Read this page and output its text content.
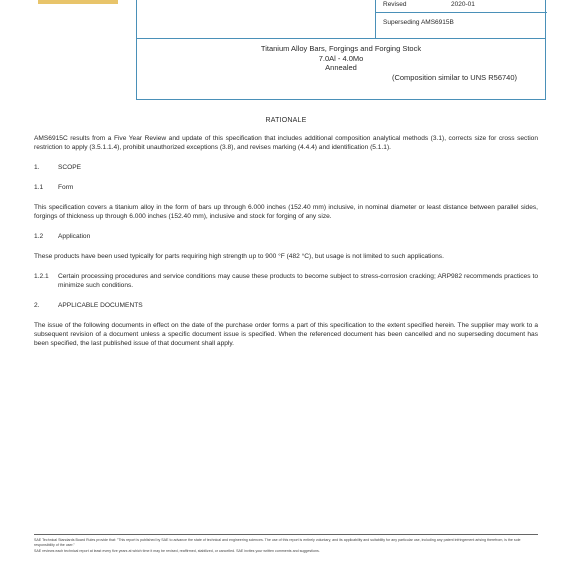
Revised	2020-01
Superseding AMS6915B
Titanium Alloy Bars, Forgings and Forging Stock
7.0Al - 4.0Mo
Annealed
(Composition similar to UNS R56740)
RATIONALE

AMS6915C results from a Five Year Review and update of this specification that includes additional composition analytical methods (3.1), corrects size for cross section restriction to apply (3.5.1.1.4), prohibit unauthorized exceptions (3.8), and revises marking (4.4.4) and identification (5.1.1).

1.	SCOPE
1.1 Form

This specification covers a titanium alloy in the form of bars up through 6.000 inches (152.40 mm) inclusive, in nominal diameter or least distance between parallel sides, forgings of thickness up through 6.000 inches (152.40 mm), inclusive and stock for forging of any size.

1.2 Application

These products have been used typically for parts requiring high strength up to 900 °F (482 °C), but usage is not limited to such applications.

1.2.1	Certain processing procedures and service conditions may cause these products to become subject to stress-corrosion cracking; ARP982 recommends practices to minimize such conditions.
2.	APPLICABLE DOCUMENTS

The issue of the following documents in effect on the date of the purchase order forms a part of this specification to the extent specified herein. The supplier may work to a subsequent revision of a document unless a specific document issue is specified. When the referenced document has been cancelled and no superseding document has been specified, the last published issue of that document shall apply.

SAE Technical Standards Board Rules provide that: "This report is published by SAE to advance the state of technical and engineering sciences. The use of this report is entirely voluntary, and its applicability and suitability for any particular use, including any patent infringement arising therefrom, is the sole responsibility of the user."
SAE reviews each technical report at least every five years at which time it may be revised, reaffirmed, stabilized, or cancelled. SAE invites your written comments and suggestions.
